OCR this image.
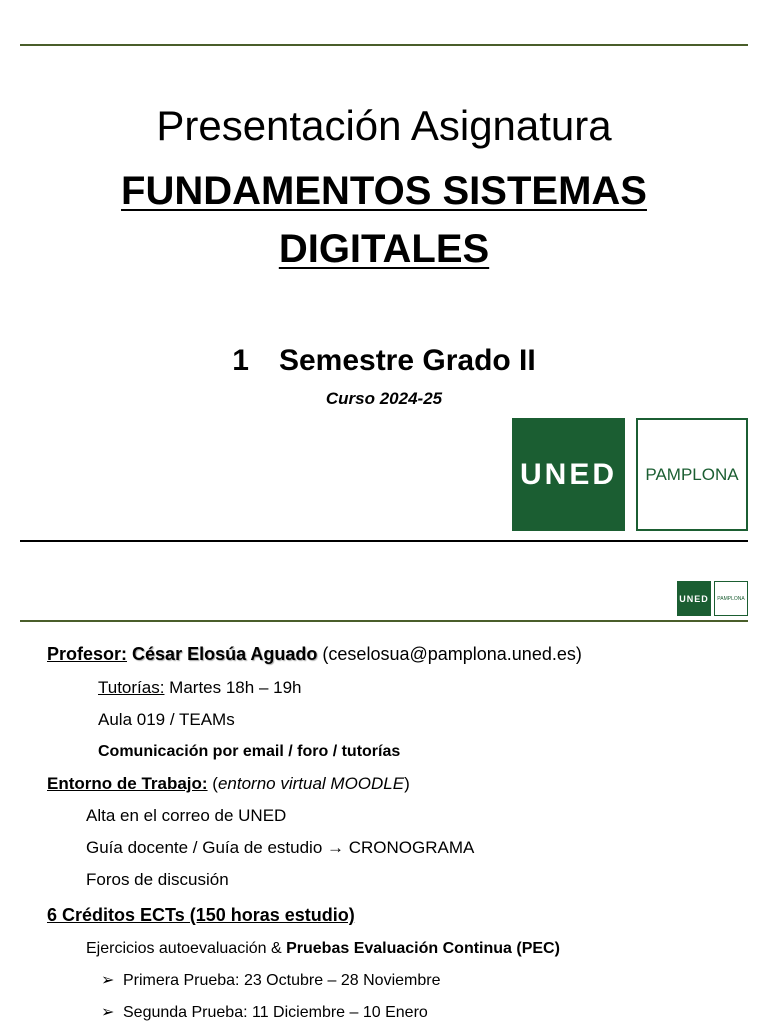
Presentación Asignatura
FUNDAMENTOS SISTEMAS
DIGITALES
1 Semestre Grado II
Curso 2024-25
UNED	PAMPLONA
UNED	PAMPLONA
Profesor: César Elosúa Aguado (ceselosua@pamplona.uned.es)
Tutorías: Martes 18h – 19h
Aula 019 / TEAMs
Comunicación por email / foro / tutorías
Entorno de Trabajo: (entorno virtual MOODLE)
Alta en el correo de UNED
Guía docente / Guía de estudio → CRONOGRAMA
Foros de discusión
6 Créditos ECTs (150 horas estudio)
Ejercicios autoevaluación & Pruebas Evaluación Continua (PEC)
➢ Primera Prueba: 23 Octubre – 28 Noviembre
➢ Segunda Prueba: 11 Diciembre – 10 Enero
